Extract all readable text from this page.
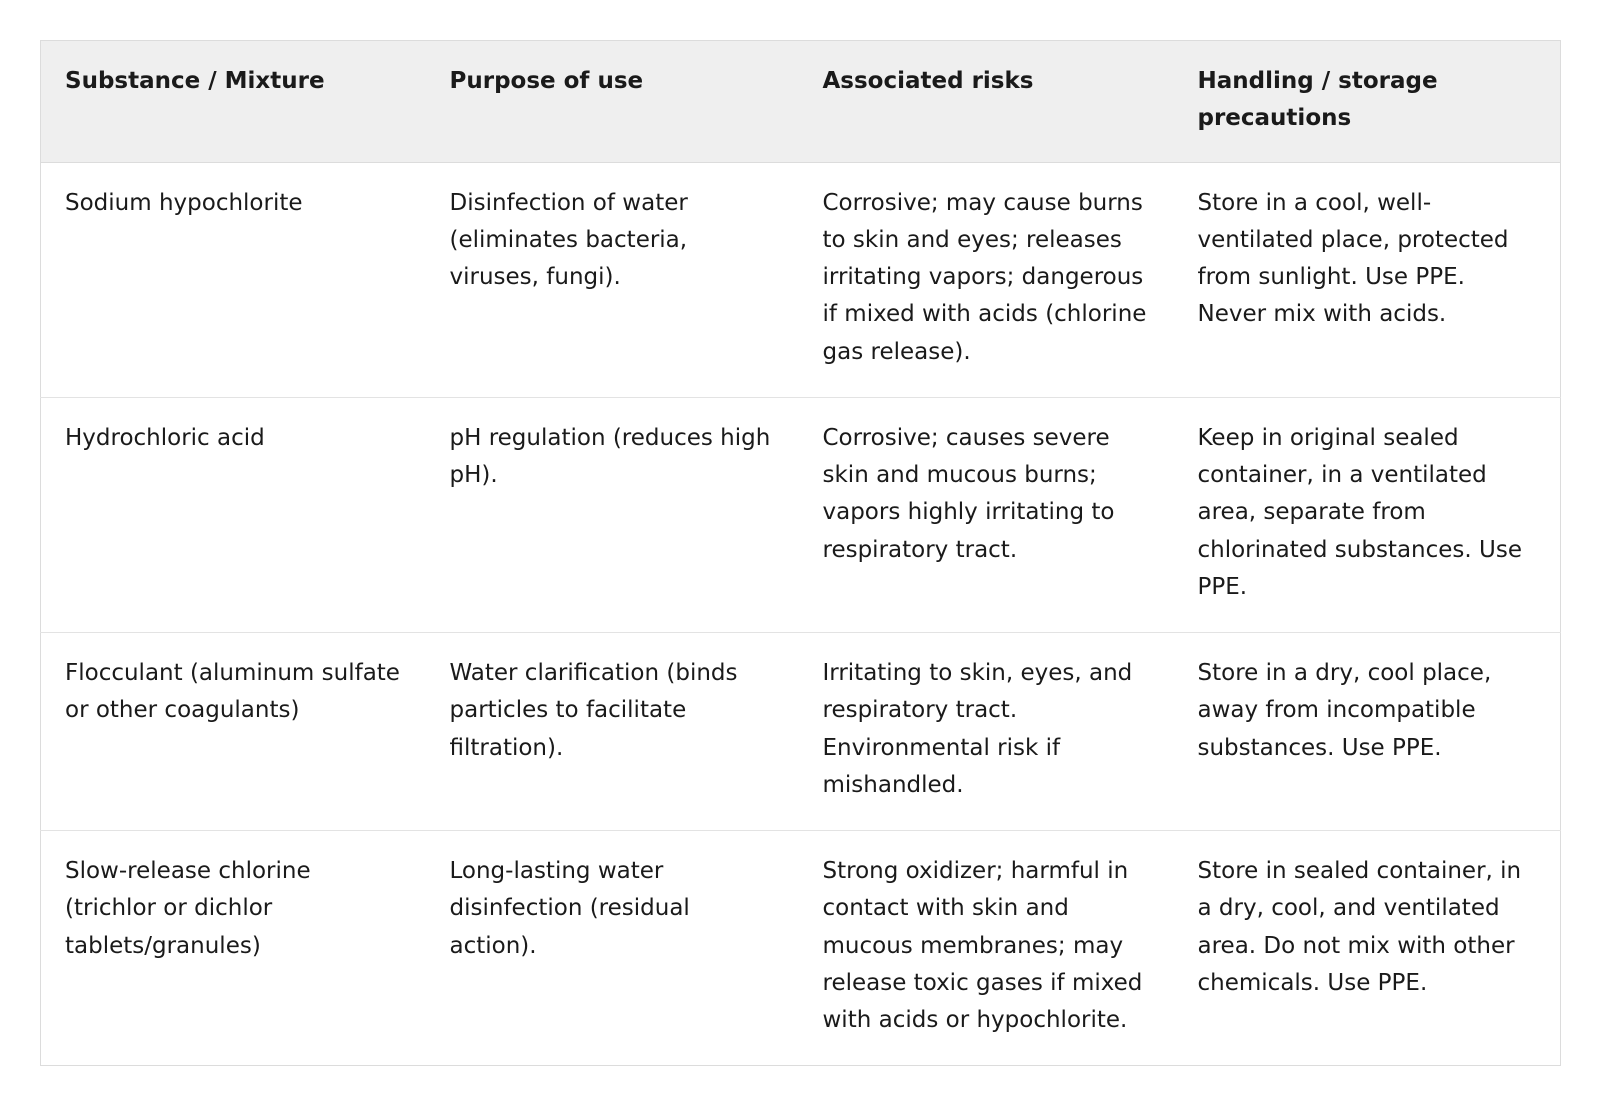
Substance / Mixture	Purpose of use	Associated risks	Handling / storage precautions
Sodium hypochlorite	Disinfection of water (eliminates bacteria, viruses, fungi).	Corrosive; may cause burns to skin and eyes; releases irritating vapors; dangerous if mixed with acids (chlorine gas release).	Store in a cool, well-ventilated place, protected from sunlight. Use PPE. Never mix with acids.
Hydrochloric acid	pH regulation (reduces high pH).	Corrosive; causes severe skin and mucous burns; vapors highly irritating to respiratory tract.	Keep in original sealed container, in a ventilated area, separate from chlorinated substances. Use PPE.
Flocculant (aluminum sulfate or other coagulants)	Water clarification (binds particles to facilitate filtration).	Irritating to skin, eyes, and respiratory tract. Environmental risk if mishandled.	Store in a dry, cool place, away from incompatible substances. Use PPE.
Slow-release chlorine (trichlor or dichlor tablets/granules)	Long-lasting water disinfection (residual action).	Strong oxidizer; harmful in contact with skin and mucous membranes; may release toxic gases if mixed with acids or hypochlorite.	Store in sealed container, in a dry, cool, and ventilated area. Do not mix with other chemicals. Use PPE.
